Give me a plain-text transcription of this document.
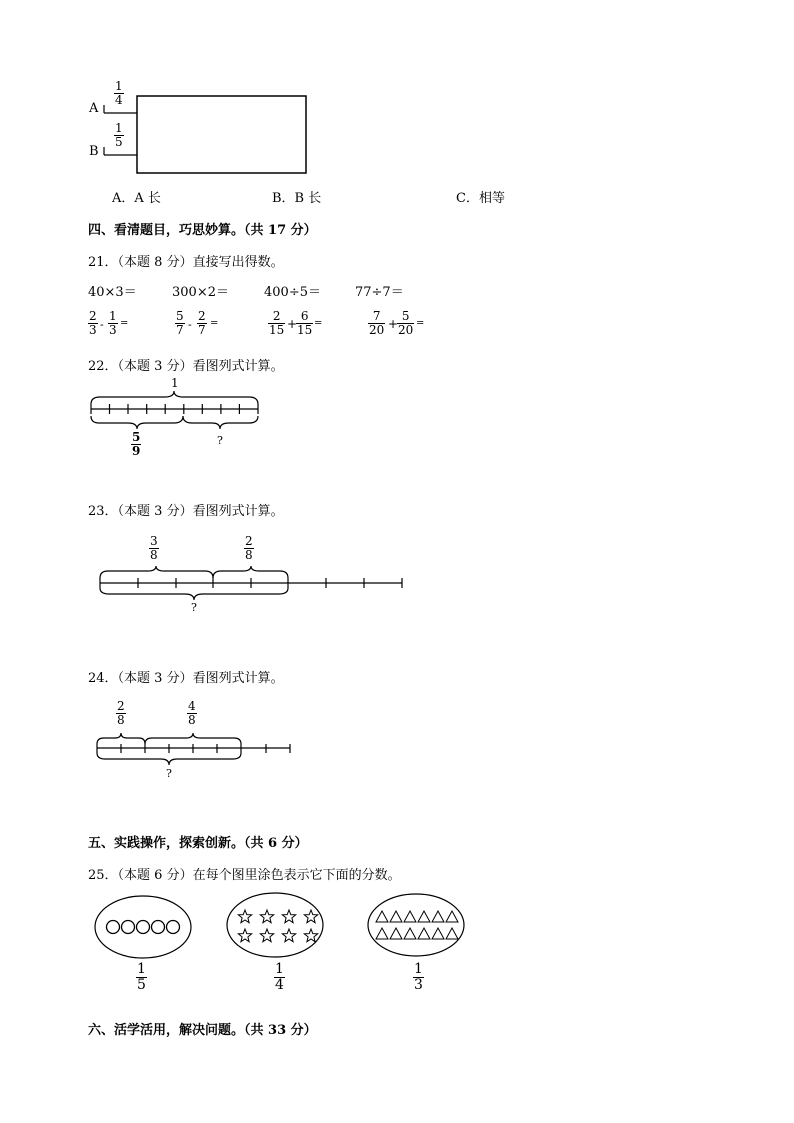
A
B
1
4
1
5
A．A 长	B．B 长	C．相等
四、看清题目，巧思妙算。（共 17 分）
21．（本题 8 分）直接写出得数。
40×3＝	300×2＝	400÷5＝	77÷7＝
2
3 -
1
3 =
5
7 -
2
7 =
2
15 +
6
15 =
7
20 +
5
20 =
22．（本题 3 分）看图列式计算。
1
5
9
?
23．（本题 3 分）看图列式计算。
3
8
2
8
?
24．（本题 3 分）看图列式计算。
2
8
4
8
?
五、实践操作，探索创新。（共 6 分）
25．（本题 6 分）在每个图里涂色表示它下面的分数。
1
5
1
4
1
3
六、活学活用，解决问题。（共 33 分）
